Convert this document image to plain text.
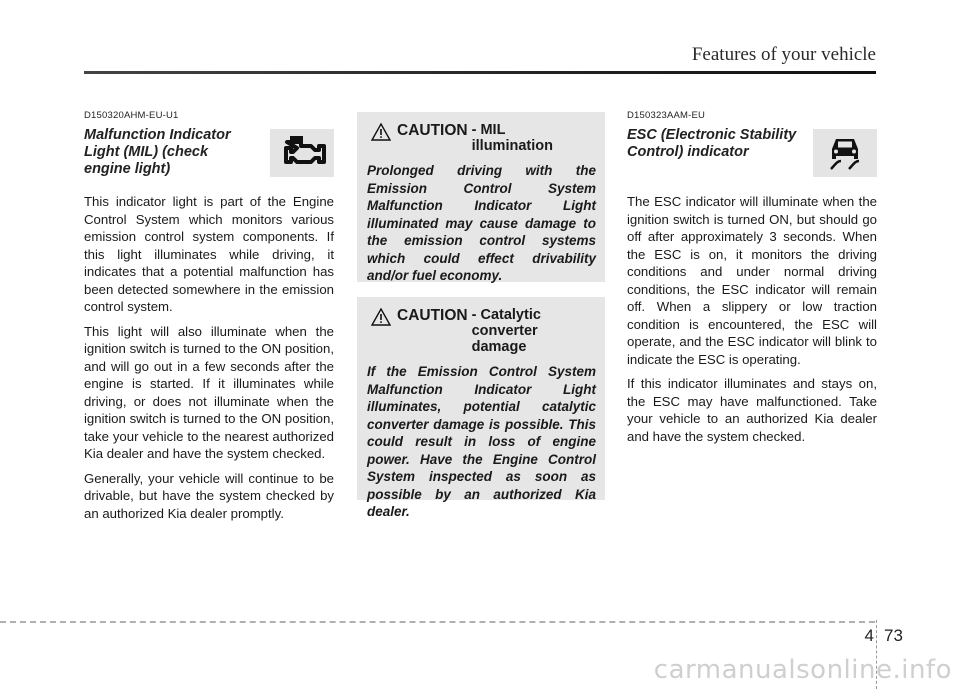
Features of your vehicle
D150320AHM-EU-U1
Malfunction Indicator Light (MIL) (check engine light)

This indicator light is part of the Engine Control System which monitors various emission control system components. If this light illuminates while driving, it indicates that a potential malfunction has been detected somewhere in the emission control system.

This light will also illuminate when the ignition switch is turned to the ON position, and will go out in a few seconds after the engine is started. If it illuminates while driving, or does not illuminate when the ignition switch is turned to the ON position, take your vehicle to the nearest authorized Kia dealer and have the system checked.

Generally, your vehicle will continue to be drivable, but have the system checked by an authorized Kia dealer promptly.

CAUTION - MIL illumination

Prolonged driving with the Emission Control System Malfunction Indicator Light illuminated may cause damage to the emission control systems which could effect drivability and/or fuel economy.

CAUTION - Catalytic converter damage

If the Emission Control System Malfunction Indicator Light illuminates, potential catalytic converter damage is possible. This could result in loss of engine power. Have the Engine Control System inspected as soon as possible by an authorized Kia dealer.

D150323AAM-EU
ESC (Electronic Stability Control) indicator

The ESC indicator will illuminate when the ignition switch is turned ON, but should go off after approximately 3 seconds. When the ESC is on, it monitors the driving conditions and under normal driving conditions, the ESC indicator will remain off. When a slippery or low traction condition is encountered, the ESC will operate, and the ESC indicator will blink to indicate the ESC is operating.

If this indicator illuminates and stays on, the ESC may have malfunctioned. Take your vehicle to an authorized Kia dealer and have the system checked.

4 73
carmanualsonline.info
